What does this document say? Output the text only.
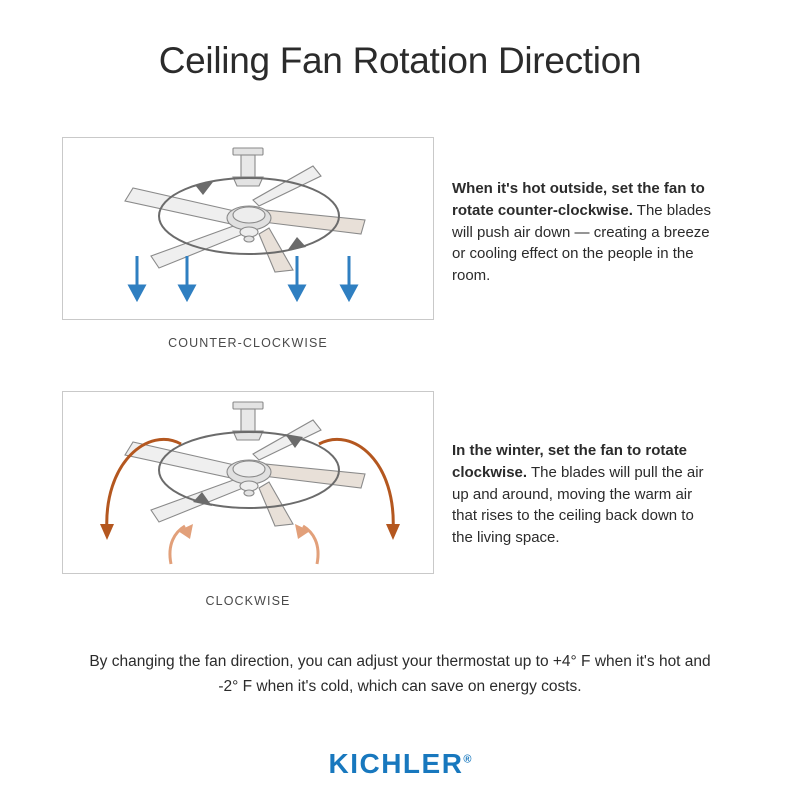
Ceiling Fan Rotation Direction
COUNTER-CLOCKWISE
When it's hot outside, set the fan to rotate counter-clockwise. The blades will push air down — creating a breeze or cooling effect on the people in the room.
CLOCKWISE
In the winter, set the fan to rotate clockwise. The blades will pull the air up and around, moving the warm air that rises to the ceiling back down to the living space.
By changing the fan direction, you can adjust your thermostat up to +4° F when it's hot and -2° F when it's cold, which can save on energy costs.
KICHLER®
